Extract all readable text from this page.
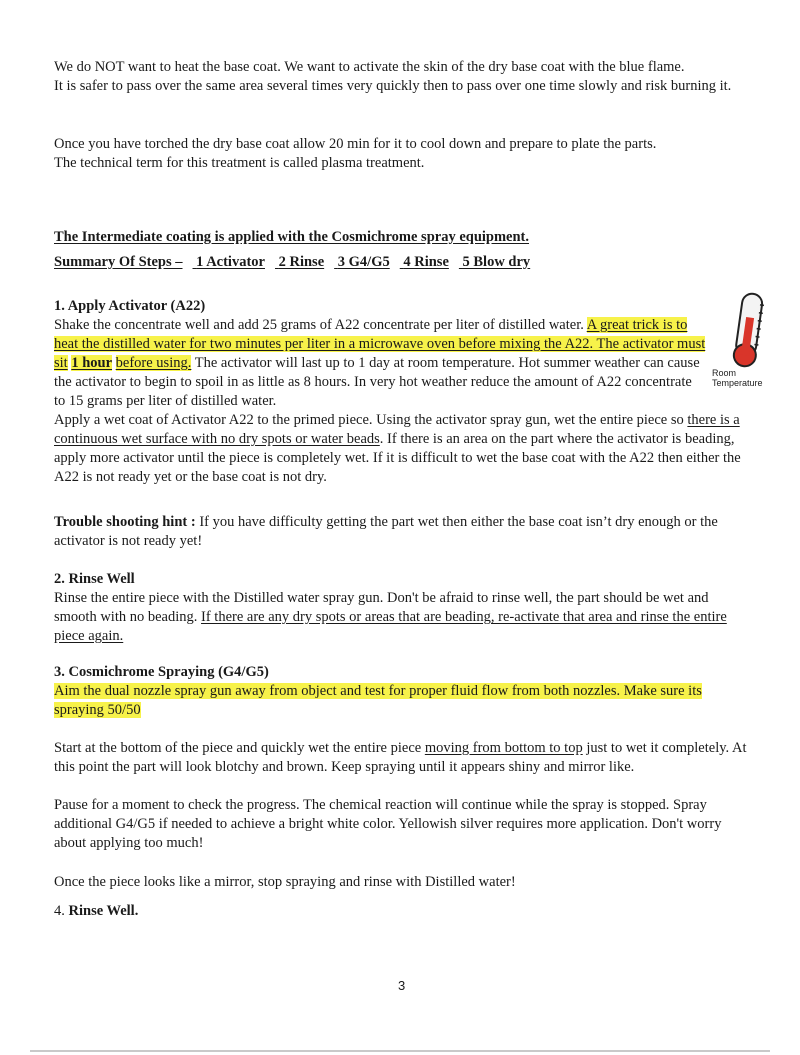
We do NOT want to heat the base coat. We want to activate the skin of the dry base coat with the blue flame.
It is safer to pass over the same area several times very quickly then to pass over one time slowly and risk burning it.

Once you have torched the dry base coat allow 20 min for it to cool down and prepare to plate the parts.
The technical term for this treatment is called plasma treatment.

The Intermediate coating is applied with the Cosmichrome spray equipment.

Summary Of Steps – 1 Activator 2 Rinse 3 G4/G5 4 Rinse 5 Blow dry

1. Apply Activator (A22)

Shake the concentrate well and add 25 grams of A22 concentrate per liter of distilled water. A great trick is to heat the distilled water for two minutes per liter in a microwave oven before mixing the A22. The activator must sit 1 hour before using. The activator will last up to 1 day at room temperature. Hot summer weather can cause the activator to begin to spoil in as little as 8 hours. In very hot weather reduce the amount of A22 concentrate to 15 grams per liter of distilled water.

Apply a wet coat of Activator A22 to the primed piece. Using the activator spray gun, wet the entire piece so there is a continuous wet surface with no dry spots or water beads. If there is an area on the part where the activator is beading, apply more activator until the piece is completely wet. If it is difficult to wet the base coat with the A22 then either the A22 is not ready yet or the base coat is not dry.

Room
Temperature

Trouble shooting hint : If you have difficulty getting the part wet then either the base coat isn’t dry enough or the activator is not ready yet!

2. Rinse Well

Rinse the entire piece with the Distilled water spray gun. Don't be afraid to rinse well, the part should be wet and smooth with no beading. If there are any dry spots or areas that are beading, re-activate that area and rinse the entire piece again.

3. Cosmichrome Spraying (G4/G5)

Aim the dual nozzle spray gun away from object and test for proper fluid flow from both nozzles. Make sure its spraying 50/50

Start at the bottom of the piece and quickly wet the entire piece moving from bottom to top just to wet it completely. At this point the part will look blotchy and brown. Keep spraying until it appears shiny and mirror like.

Pause for a moment to check the progress. The chemical reaction will continue while the spray is stopped. Spray additional G4/G5 if needed to achieve a bright white color. Yellowish silver requires more application. Don't worry about applying too much!

Once the piece looks like a mirror, stop spraying and rinse with Distilled water!

4. Rinse Well.

3
